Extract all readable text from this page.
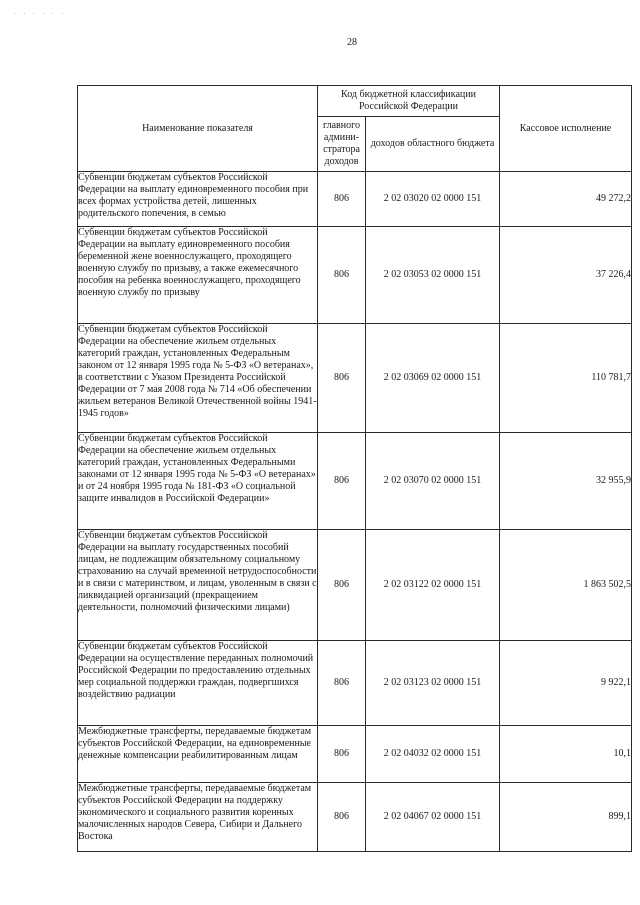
. . . . . .
28
Наименование показателя	Код бюджетной классификации Российской Федерации		Кассовое исполнение
	главного админи-стратора доходов	доходов областного бюджета	
Субвенции бюджетам субъектов Российской Федерации на выплату единовременного пособия при всех формах устройства детей, лишенных родительского попечения, в семью	806	2 02 03020 02 0000 151	49 272,2
Субвенции бюджетам субъектов Российской Федерации на выплату единовременного пособия беременной жене военнослужащего, проходящего военную службу по призыву, а также ежемесячного пособия на ребенка военнослужащего, проходящего военную службу по призыву	806	2 02 03053 02 0000 151	37 226,4
Субвенции бюджетам субъектов Российской Федерации на обеспечение жильем отдельных категорий граждан, установленных Федеральным законом от 12 января 1995 года № 5-ФЗ «О ветеранах», в соответствии с Указом Президента Российской Федерации от 7 мая 2008 года № 714 «Об обеспечении жильем ветеранов Великой Отечественной войны 1941-1945 годов»	806	2 02 03069 02 0000 151	110 781,7
Субвенции бюджетам субъектов Российской Федерации на обеспечение жильем отдельных категорий граждан, установленных Федеральными законами от 12 января 1995 года № 5-ФЗ «О ветеранах» и от 24 ноября 1995 года № 181-ФЗ «О социальной защите инвалидов в Российской Федерации»	806	2 02 03070 02 0000 151	32 955,9
Субвенции бюджетам субъектов Российской Федерации на выплату государственных пособий лицам, не подлежащим обязательному социальному страхованию на случай временной нетрудоспособности и в связи с материнством, и лицам, уволенным в связи с ликвидацией организаций (прекращением деятельности, полномочий физическими лицами)	806	2 02 03122 02 0000 151	1 863 502,5
Субвенции бюджетам субъектов Российской Федерации на осуществление переданных полномочий Российской Федерации по предоставлению отдельных мер социальной поддержки граждан, подвергшихся воздействию радиации	806	2 02 03123 02 0000 151	9 922,1
Межбюджетные трансферты, передаваемые бюджетам субъектов Российской Федерации, на единовременные денежные компенсации реабилитированным лицам	806	2 02 04032 02 0000 151	10,1
Межбюджетные трансферты, передаваемые бюджетам субъектов Российской Федерации на поддержку экономического и социального развития коренных малочисленных народов Севера, Сибири и Дальнего Востока	806	2 02 04067 02 0000 151	899,1
